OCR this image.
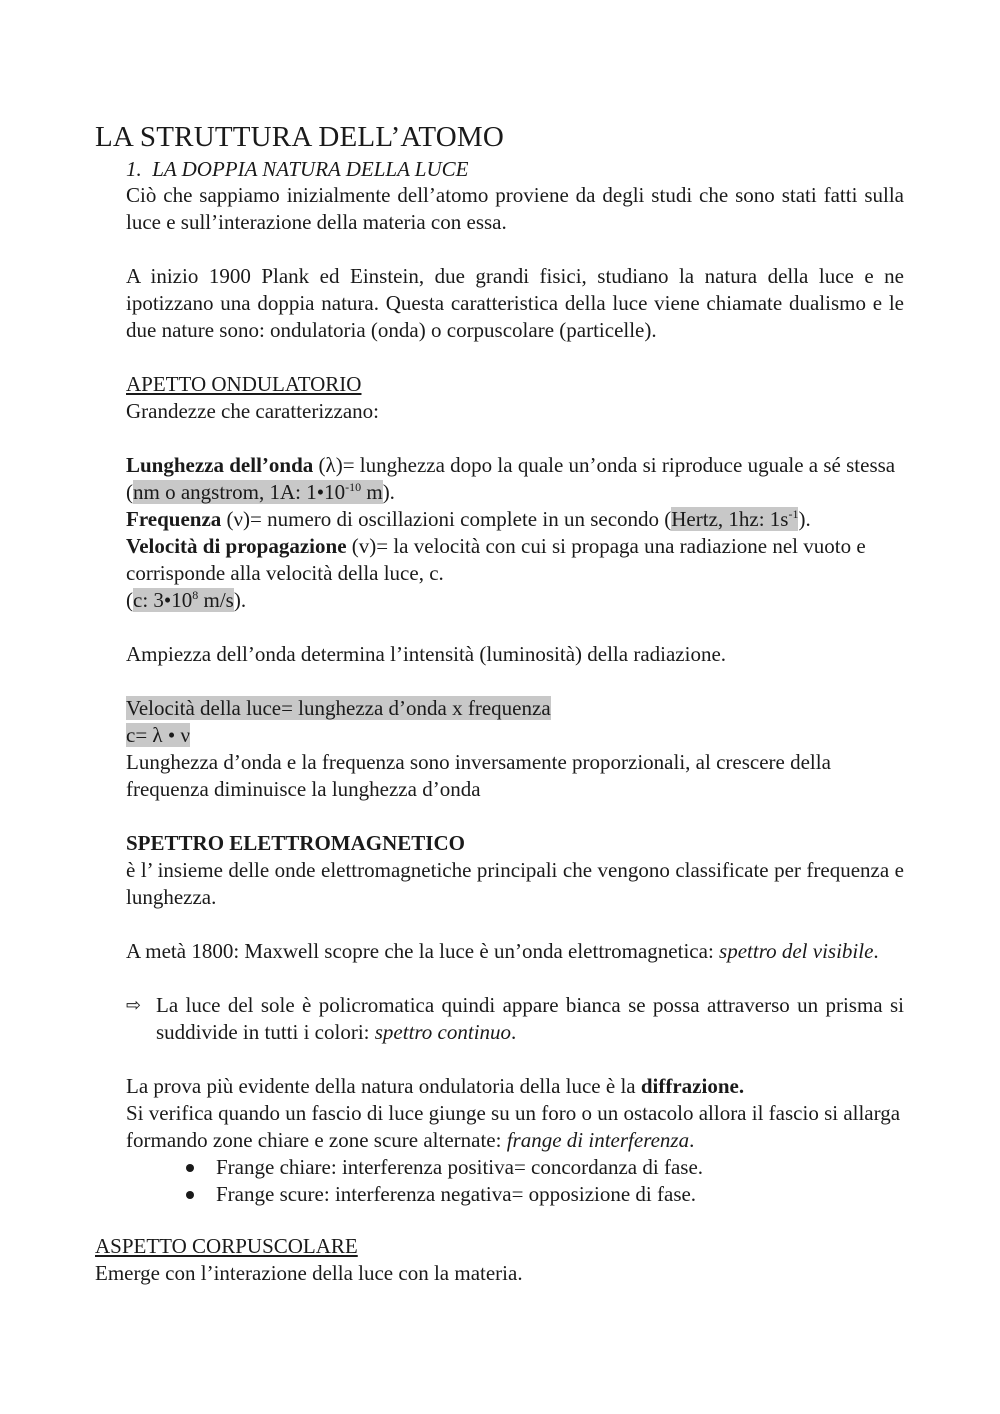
LA STRUTTURA DELL’ATOMO
1. LA DOPPIA NATURA DELLA LUCE
Ciò che sappiamo inizialmente dell’atomo proviene da degli studi che sono stati fatti sulla luce e sull’interazione della materia con essa.
A inizio 1900 Plank ed Einstein, due grandi fisici, studiano la natura della luce e ne ipotizzano una doppia natura. Questa caratteristica della luce viene chiamate dualismo e le due nature sono: ondulatoria (onda) o corpuscolare (particelle).
APETTO ONDULATORIO
Grandezze che caratterizzano:
Lunghezza dell’onda (λ)= lunghezza dopo la quale un’onda si riproduce uguale a sé stessa (nm o angstrom, 1A: $1•10^{-10}$ m).
Frequenza (ν)= numero di oscillazioni complete in un secondo (Hertz, 1hz: $1s^{-1}$).
Velocità di propagazione (v)= la velocità con cui si propaga una radiazione nel vuoto e corrisponde alla velocità della luce, c.
(c: $3•10^8$ m/s).
Ampiezza dell’onda determina l’intensità (luminosità) della radiazione.
Velocità della luce= lunghezza d’onda x frequenza
c= λ • ν
Lunghezza d’onda e la frequenza sono inversamente proporzionali, al crescere della frequenza diminuisce la lunghezza d’onda
SPETTRO ELETTROMAGNETICO
è l’ insieme delle onde elettromagnetiche principali che vengono classificate per frequenza e lunghezza.
A metà 1800: Maxwell scopre che la luce è un’onda elettromagnetica: spettro del visibile.
⇨ La luce del sole è policromatica quindi appare bianca se possa attraverso un prisma si suddivide in tutti i colori: spettro continuo.
La prova più evidente della natura ondulatoria della luce è la diffrazione.
Si verifica quando un fascio di luce giunge su un foro o un ostacolo allora il fascio si allarga formando zone chiare e zone scure alternate: frange di interferenza.
Frange chiare: interferenza positiva= concordanza di fase.
Frange scure: interferenza negativa= opposizione di fase.
ASPETTO CORPUSCOLARE
Emerge con l’interazione della luce con la materia.
